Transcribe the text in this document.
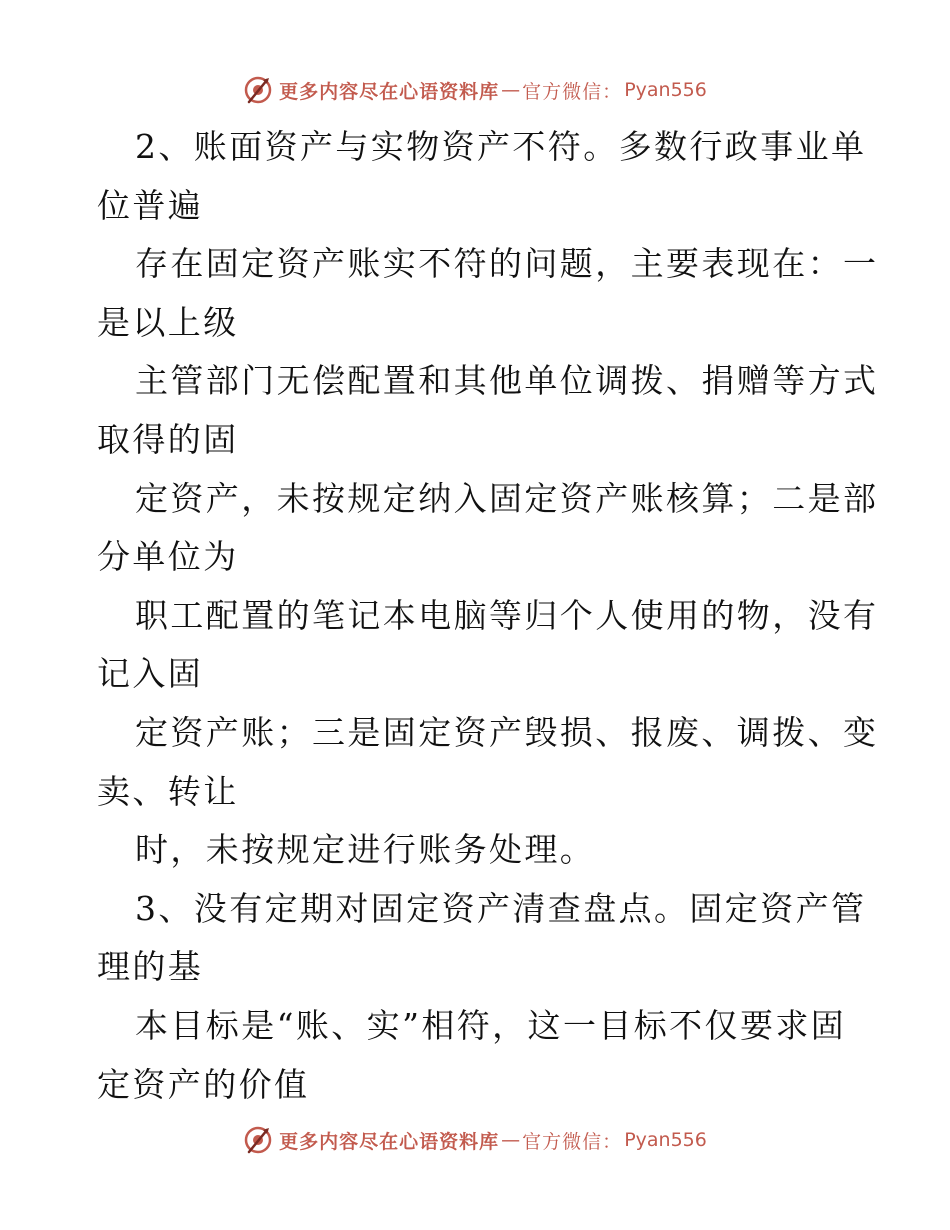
更多内容尽在心语资料库 — 官方微信： Pyan556
2、账面资产与实物资产不符。多数行政事业单
位普遍
存在固定资产账实不符的问题，主要表现在：一
是以上级
主管部门无偿配置和其他单位调拨、捐赠等方式
取得的固
定资产，未按规定纳入固定资产账核算；二是部
分单位为
职工配置的笔记本电脑等归个人使用的物，没有
记入固
定资产账；三是固定资产毁损、报废、调拨、变
卖、转让
时，未按规定进行账务处理。
3、没有定期对固定资产清查盘点。固定资产管
理的基
本目标是“账、实”相符，这一目标不仅要求固
定资产的价值
更多内容尽在心语资料库 — 官方微信： Pyan556
